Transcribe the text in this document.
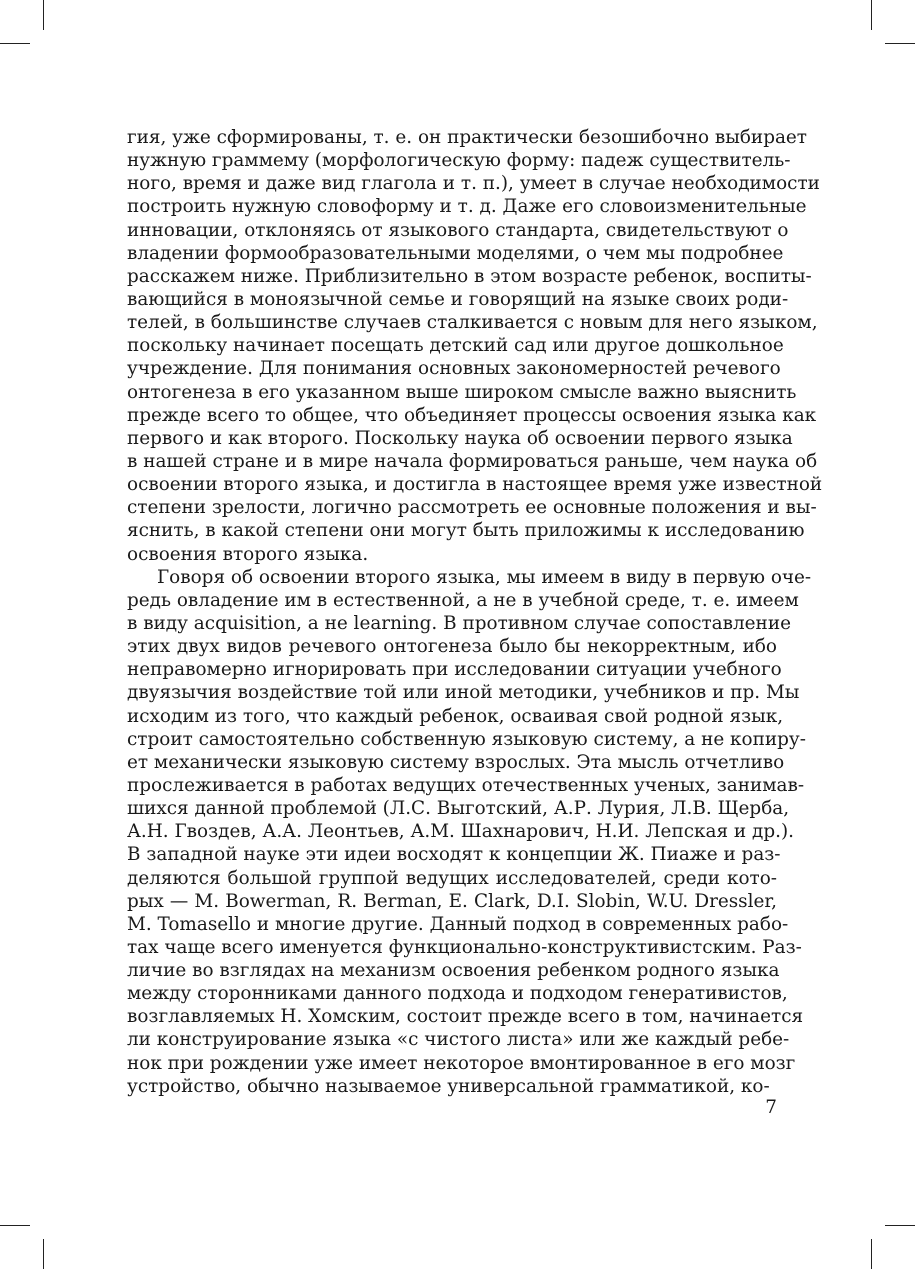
гия, уже сформированы, т. е. он практически безошибочно выбирает
нужную граммему (морфологическую форму: падеж существитель-
ного, время и даже вид глагола и т. п.), умеет в случае необходимости
построить нужную словоформу и т. д. Даже его словоизменительные
инновации, отклоняясь от языкового стандарта, свидетельствуют о
владении формообразовательными моделями, о чем мы подробнее
расскажем ниже. Приблизительно в этом возрасте ребенок, воспиты-
вающийся в моноязычной семье и говорящий на языке своих роди-
телей, в большинстве случаев сталкивается с новым для него языком,
поскольку начинает посещать детский сад или другое дошкольное
учреждение. Для понимания основных закономерностей речевого
онтогенеза в его указанном выше широком смысле важно выяснить
прежде всего то общее, что объединяет процессы освоения языка как
первого и как второго. Поскольку наука об освоении первого языка
в нашей стране и в мире начала формироваться раньше, чем наука об
освоении второго языка, и достигла в настоящее время уже известной
степени зрелости, логично рассмотреть ее основные положения и вы-
яснить, в какой степени они могут быть приложимы к исследованию
освоения второго языка.
Говоря об освоении второго языка, мы имеем в виду в первую оче-
редь овладение им в естественной, а не в учебной среде, т. е. имеем
в виду acquisition, а не learning. В противном случае сопоставление
этих двух видов речевого онтогенеза было бы некорректным, ибо
неправомерно игнорировать при исследовании ситуации учебного
двуязычия воздействие той или иной методики, учебников и пр. Мы
исходим из того, что каждый ребенок, осваивая свой родной язык,
строит самостоятельно собственную языковую систему, а не копиру-
ет механически языковую систему взрослых. Эта мысль отчетливо
прослеживается в работах ведущих отечественных ученых, занимав-
шихся данной проблемой (Л.С. Выготский, А.Р. Лурия, Л.В. Щерба,
А.Н. Гвоздев, А.А. Леонтьев, А.М. Шахнарович, Н.И. Лепская и др.).
В западной науке эти идеи восходят к концепции Ж. Пиаже и раз-
деляются большой группой ведущих исследователей, среди кото-
рых — M. Bowerman, R. Berman, E. Clark, D.I. Slobin, W.U. Dressler,
M. Tomasello и многие другие. Данный подход в современных рабо-
тах чаще всего именуется функционально-конструктивистским. Раз-
личие во взглядах на механизм освоения ребенком родного языка
между сторонниками данного подхода и подходом генеративистов,
возглавляемых Н. Хомским, состоит прежде всего в том, начинается
ли конструирование языка «с чистого листа» или же каждый ребе-
нок при рождении уже имеет некоторое вмонтированное в его мозг
устройство, обычно называемое универсальной грамматикой, ко-
7
